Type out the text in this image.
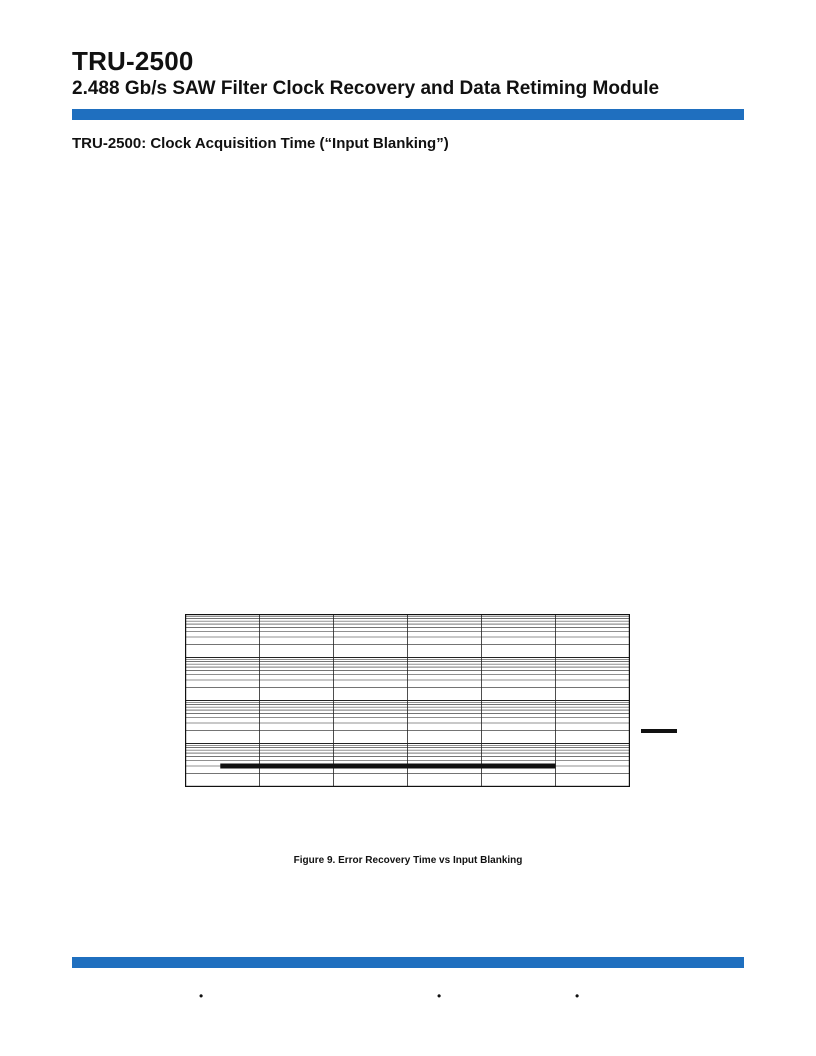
TRU-2500
2.488 Gb/s SAW Filter Clock Recovery and Data Retiming Module
TRU-2500: Clock Acquisition Time (“Input Blanking”)
Figure 9. Error Recovery Time vs Input Blanking
•	•	•
